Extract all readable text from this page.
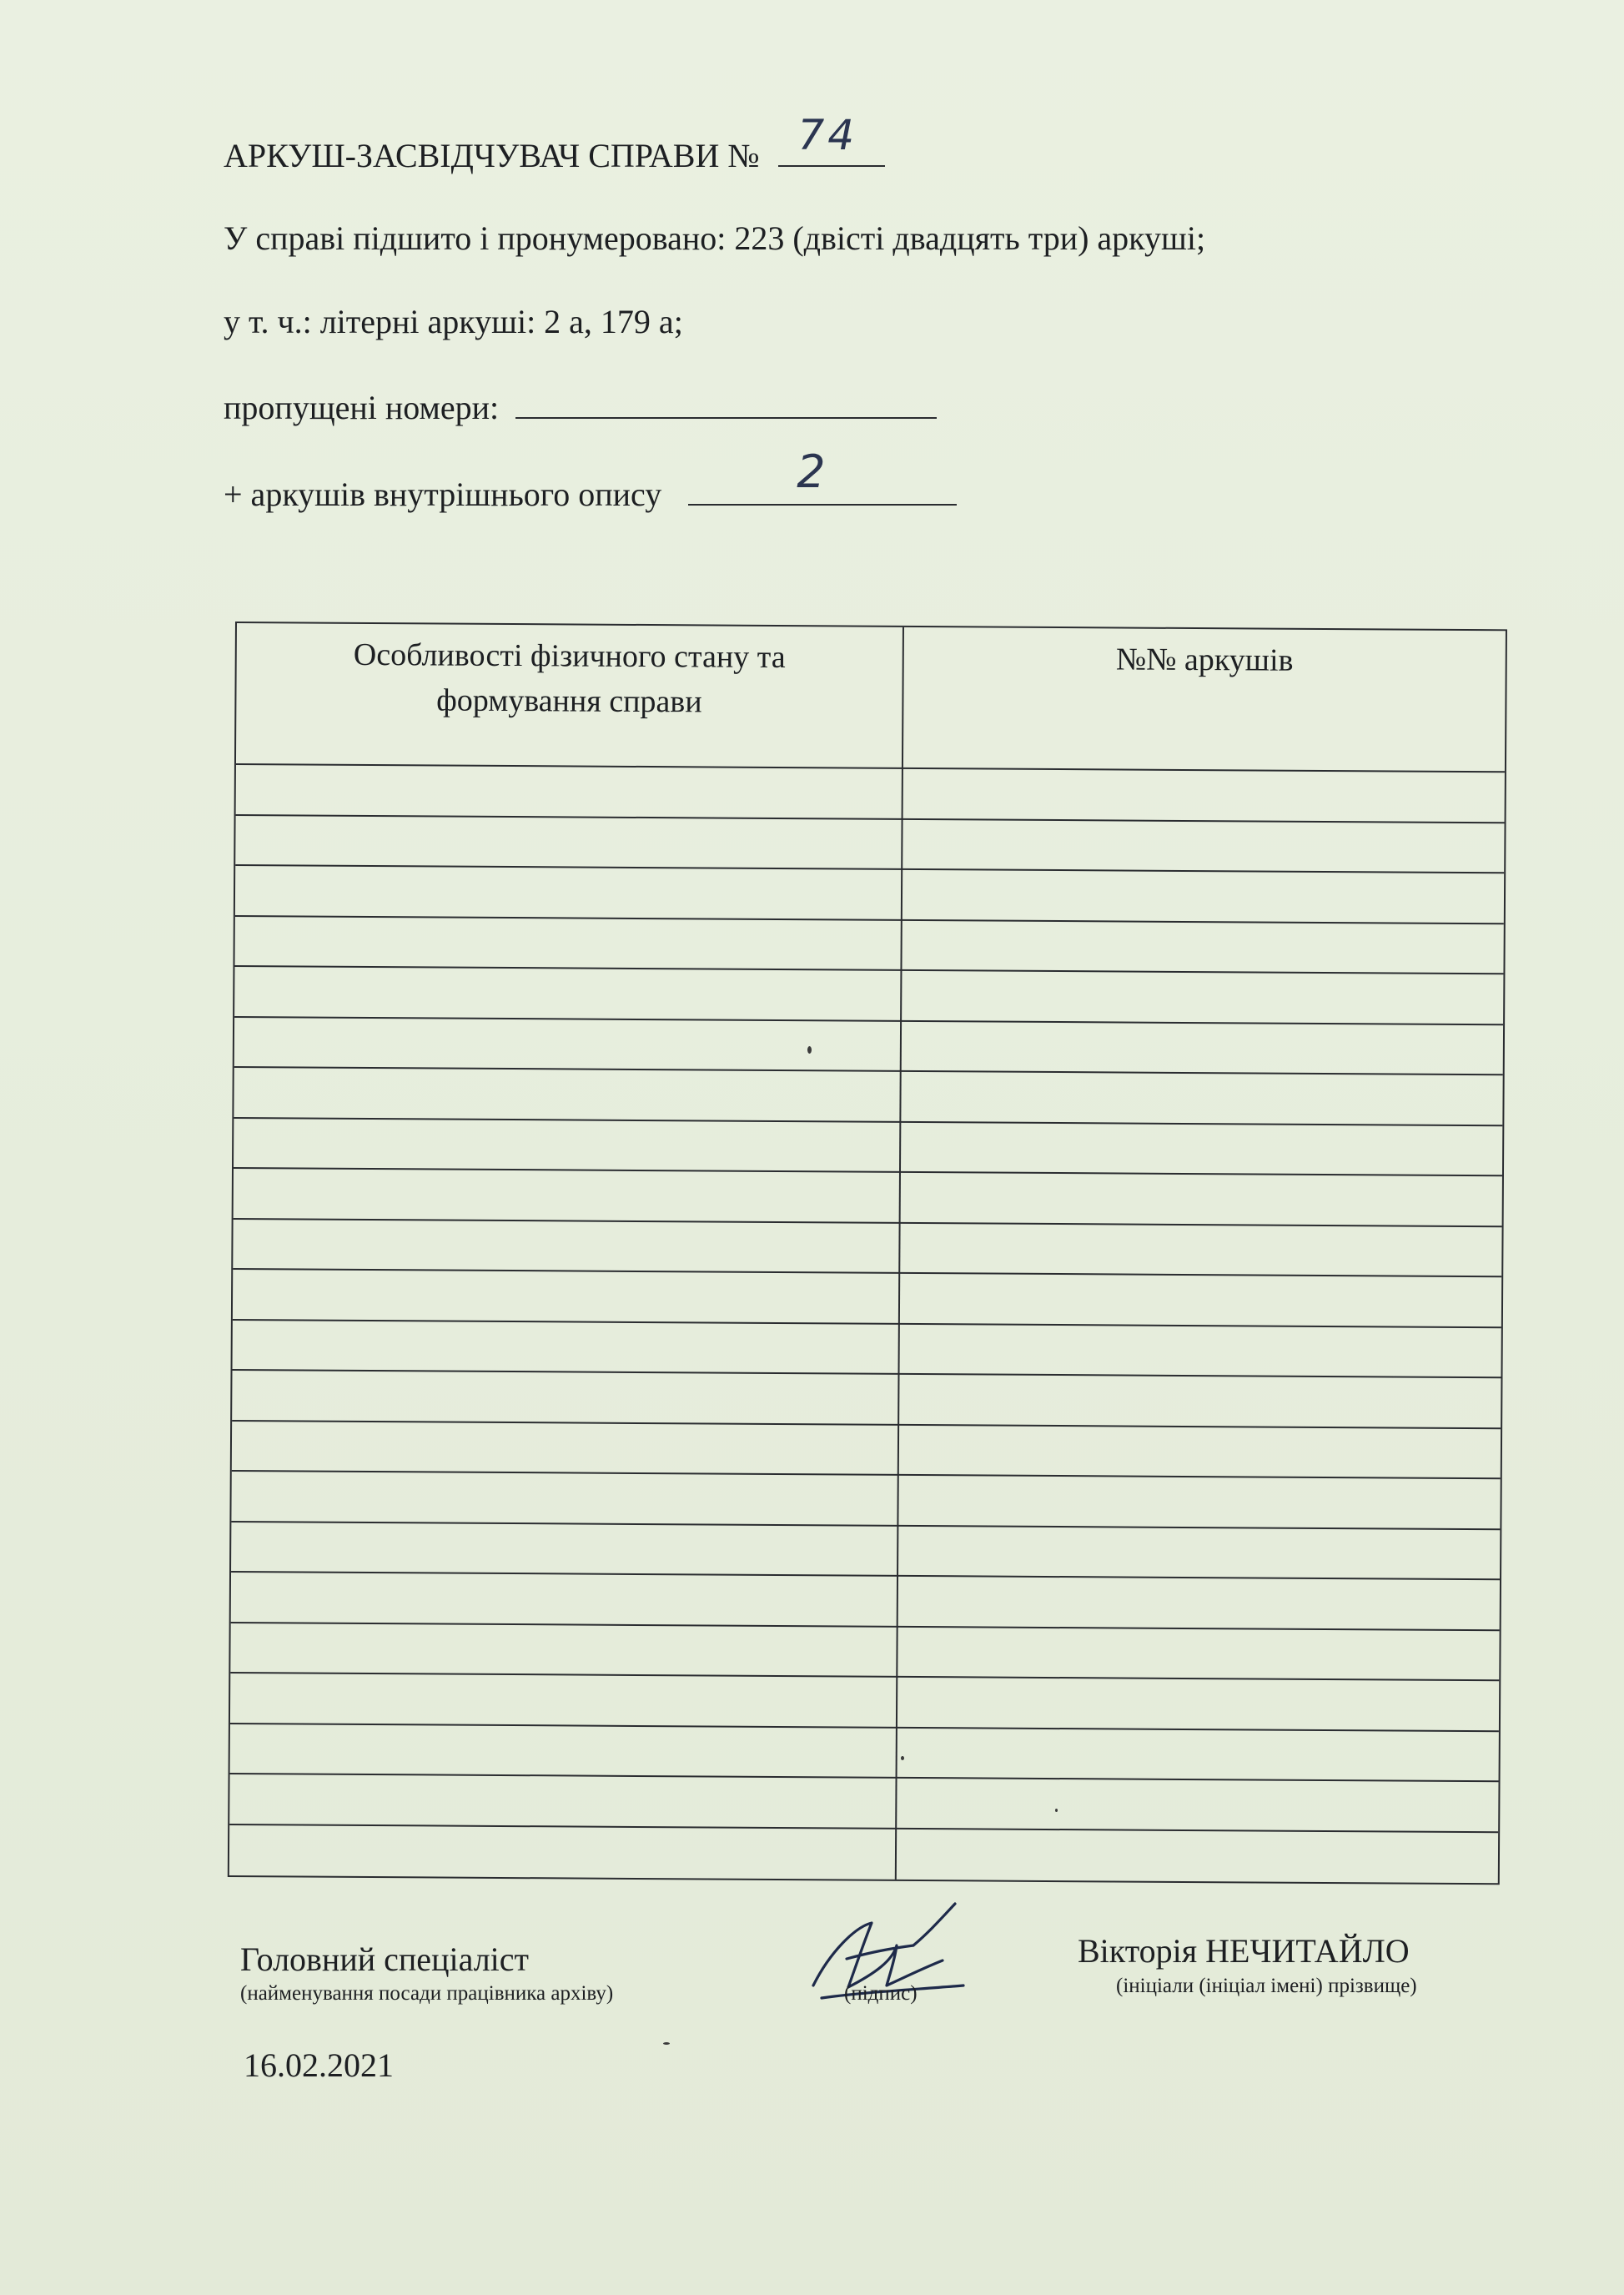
АРКУШ-ЗАСВІДЧУВАЧ СПРАВИ № 74
У справі підшито і пронумеровано: 223 (двісті двадцять три) аркуші;
у т. ч.: літерні аркуші: 2 а, 179 а;
пропущені номери:
+ аркушів внутрішнього опису	2
Особливості фізичного стану та формування справи
№№ аркушів
Головний спеціаліст
(найменування посади працівника архіву)	(підпис)
Вікторія НЕЧИТАЙЛО
(ініціали (ініціал імені) прізвище)
16.02.2021
